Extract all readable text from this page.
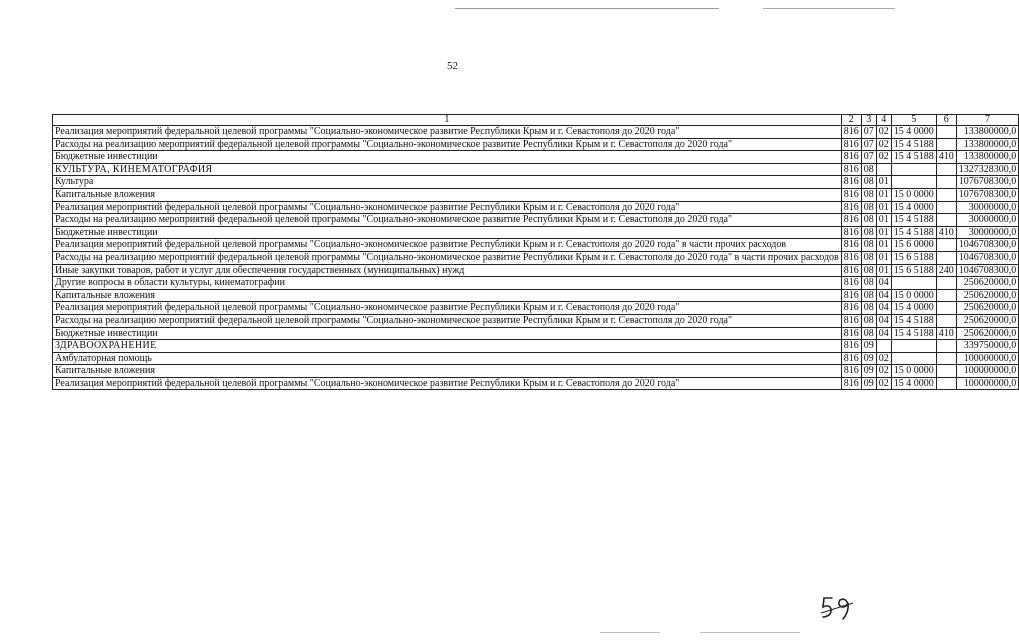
52
1	2	3	4	5	6	7
Реализация мероприятий федеральной целевой программы "Социально-экономическое развитие Республики Крым и г. Севастополя до 2020 года"	816	07	02	15 4 0000		133800000,0
Расходы на реализацию мероприятий федеральной целевой программы "Социально-экономическое развитие Республики Крым и г. Севастополя до 2020 года"	816	07	02	15 4 5188		133800000,0
Бюджетные инвестиции	816	07	02	15 4 5188	410	133800000,0
КУЛЬТУРА, КИНЕМАТОГРАФИЯ	816	08				1327328300,0
Культура	816	08	01			1076708300,0
Капитальные вложения	816	08	01	15 0 0000		1076708300,0
Реализация мероприятий федеральной целевой программы "Социально-экономическое развитие Республики Крым и г. Севастополя до 2020 года"	816	08	01	15 4 0000		30000000,0
Расходы на реализацию мероприятий федеральной целевой программы "Социально-экономическое развитие Республики Крым и г. Севастополя до 2020 года"	816	08	01	15 4 5188		30000000,0
Бюджетные инвестиции	816	08	01	15 4 5188	410	30000000,0
Реализация мероприятий федеральной целевой программы "Социально-экономическое развитие Республики Крым и г. Севастополя до 2020 года" в части прочих расходов	816	08	01	15 6 0000		1046708300,0
Расходы на реализацию мероприятий федеральной целевой программы "Социально-экономическое развитие Республики Крым и г. Севастополя до 2020 года" в части прочих расходов	816	08	01	15 6 5188		1046708300,0
Иные закупки товаров, работ и услуг для обеспечения государственных (муниципальных) нужд	816	08	01	15 6 5188	240	1046708300,0
Другие вопросы в области культуры, кинематографии	816	08	04			250620000,0
Капитальные вложения	816	08	04	15 0 0000		250620000,0
Реализация мероприятий федеральной целевой программы "Социально-экономическое развитие Республики Крым и г. Севастополя до 2020 года"	816	08	04	15 4 0000		250620000,0
Расходы на реализацию мероприятий федеральной целевой программы "Социально-экономическое развитие Республики Крым и г. Севастополя до 2020 года"	816	08	04	15 4 5188		250620000,0
Бюджетные инвестиции	816	08	04	15 4 5188	410	250620000,0
ЗДРАВООХРАНЕНИЕ	816	09				339750000,0
Амбулаторная помощь	816	09	02			100000000,0
Капитальные вложения	816	09	02	15 0 0000		100000000,0
Реализация мероприятий федеральной целевой программы "Социально-экономическое развитие Республики Крым и г. Севастополя до 2020 года"	816	09	02	15 4 0000		100000000,0
